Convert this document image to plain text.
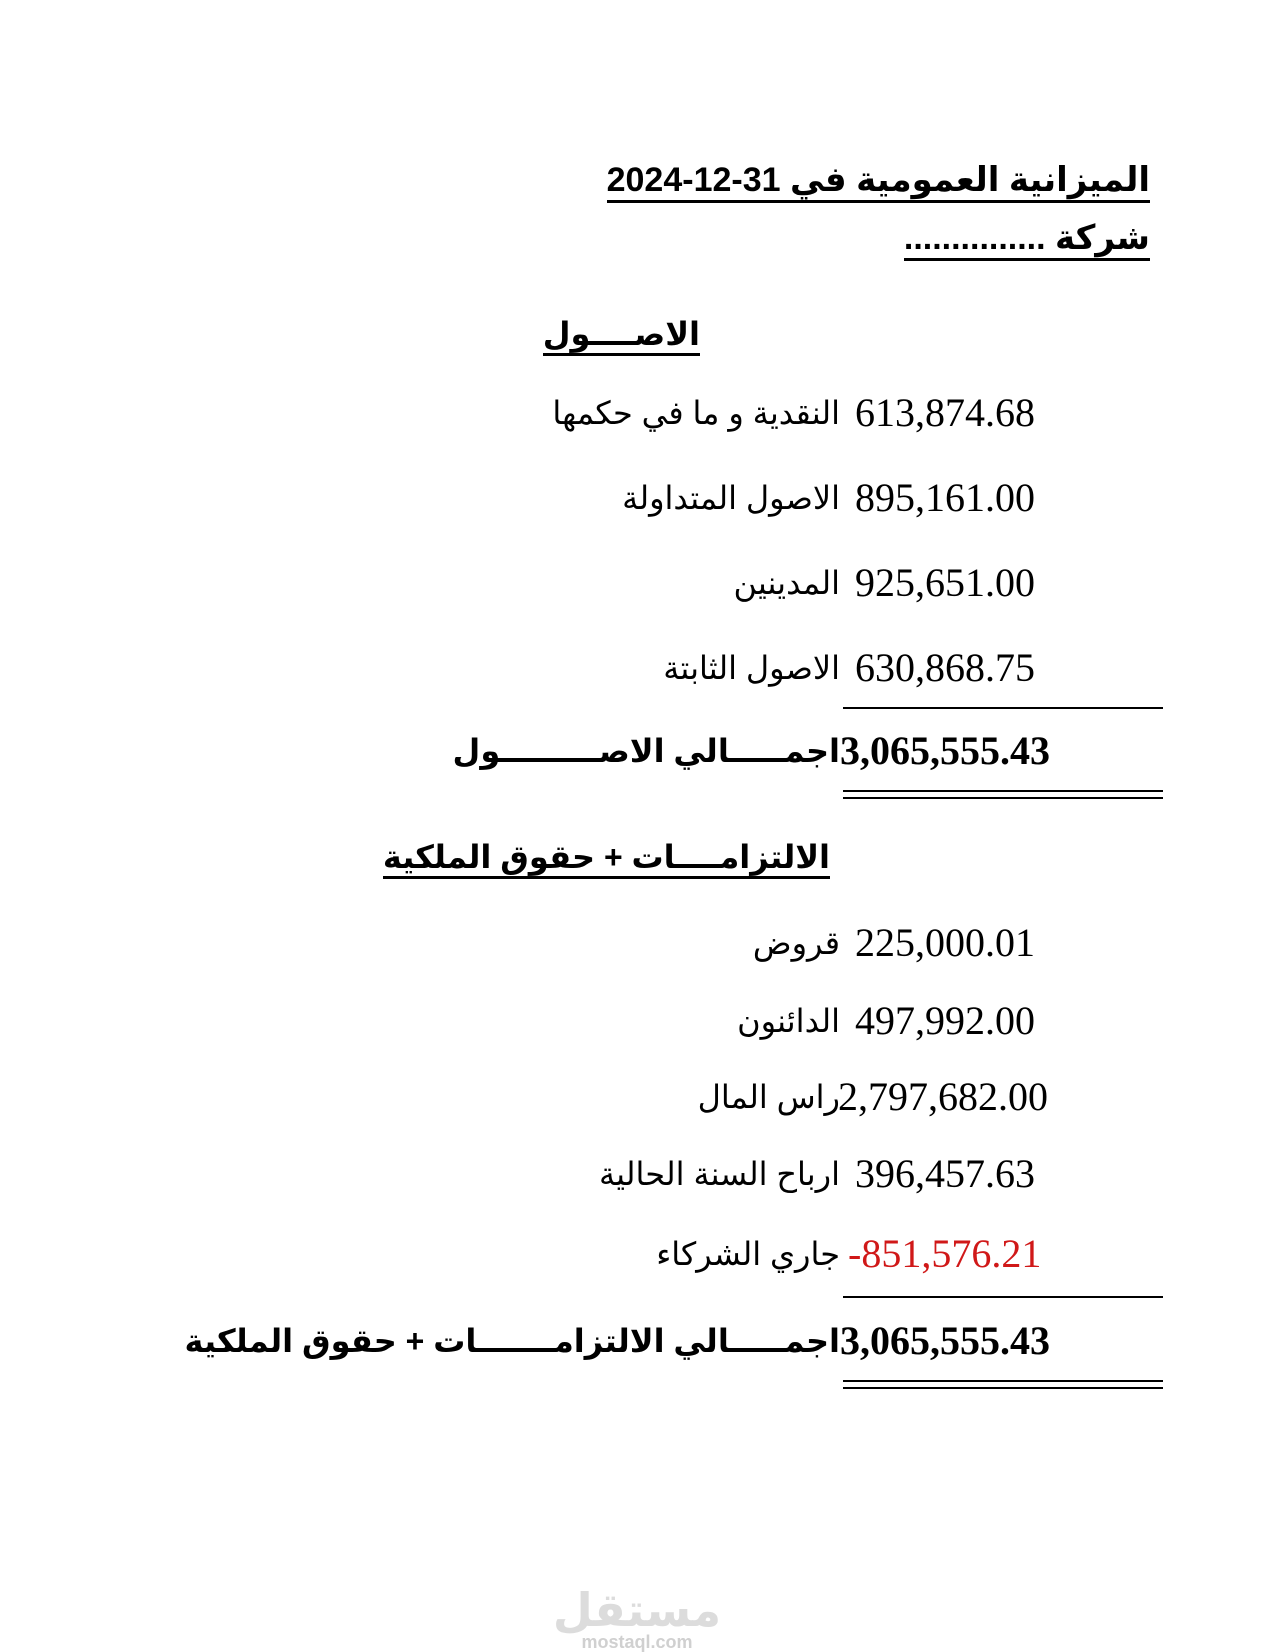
الميزانية العمومية في 31-12-2024
شركة ...............
الاصــــول
613,874.68
النقدية و ما في حكمها
895,161.00
الاصول المتداولة
925,651.00
المدينين
630,868.75
الاصول الثابتة
3,065,555.43
اجمـــــالي الاصـــــــــول
الالتزامــــات + حقوق الملكية
225,000.01
قروض
497,992.00
الدائنون
2,797,682.00
راس المال
396,457.63
ارباح السنة الحالية
-851,576.21
جاري الشركاء
3,065,555.43
اجمـــــالي الالتزامـــــــات + حقوق الملكية
مستقل
mostaql.com
